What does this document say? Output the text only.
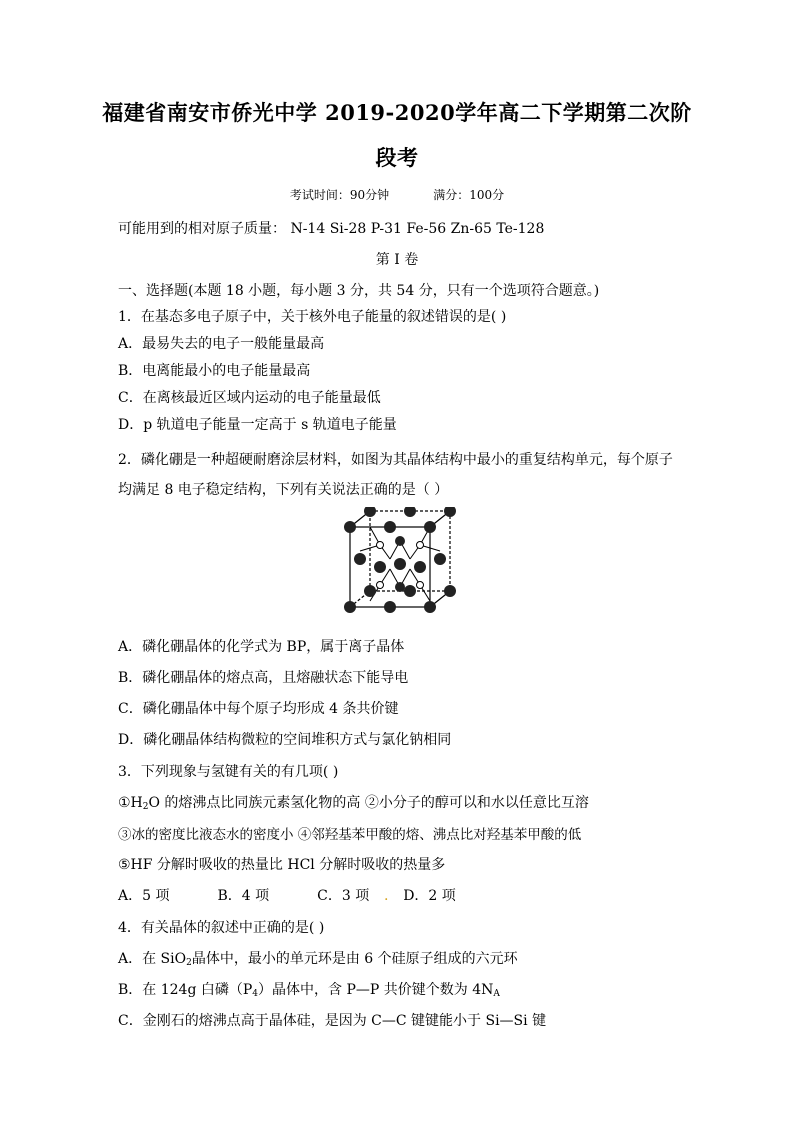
福建省南安市侨光中学 2019-2020学年高二下学期第二次阶
段考
考试时间：90分钟	满分：100分
可能用到的相对原子质量： N-14 Si-28 P-31 Fe-56 Zn-65 Te-128
第 I 卷
一、选择题(本题 18 小题，每小题 3 分，共 54 分，只有一个选项符合题意。)
1．在基态多电子原子中，关于核外电子能量的叙述错误的是( )
A．最易失去的电子一般能量最高
B．电离能最小的电子能量最高
C．在离核最近区域内运动的电子能量最低
D．p 轨道电子能量一定高于 s 轨道电子能量
2．磷化硼是一种超硬耐磨涂层材料，如图为其晶体结构中最小的重复结构单元，每个原子
均满足 8 电子稳定结构，下列有关说法正确的是（ ）
A．磷化硼晶体的化学式为 BP，属于离子晶体
B．磷化硼晶体的熔点高，且熔融状态下能导电
C．磷化硼晶体中每个原子均形成 4 条共价键
D．磷化硼晶体结构微粒的空间堆积方式与氯化钠相同
3．下列现象与氢键有关的有几项( )
$①H_2O$ 的熔沸点比同族元素氢化物的高 ②小分子的醇可以和水以任意比互溶
③冰的密度比液态水的密度小 ④邻羟基苯甲酸的熔、沸点比对羟基苯甲酸的低
⑤HF 分解时吸收的热量比 HCl 分解时吸收的热量多
A．5 项	B．4 项	C．3 项 . D．2 项
4．有关晶体的叙述中正确的是( )
A．在 SiO$_2$晶体中，最小的单元环是由 6 个硅原子组成的六元环
B．在 124g 白磷$(P_4)$晶体中，含 P—P 共价键个数为 $4N_A$
C．金刚石的熔沸点高于晶体硅，是因为 C—C 键键能小于 Si—Si 键
